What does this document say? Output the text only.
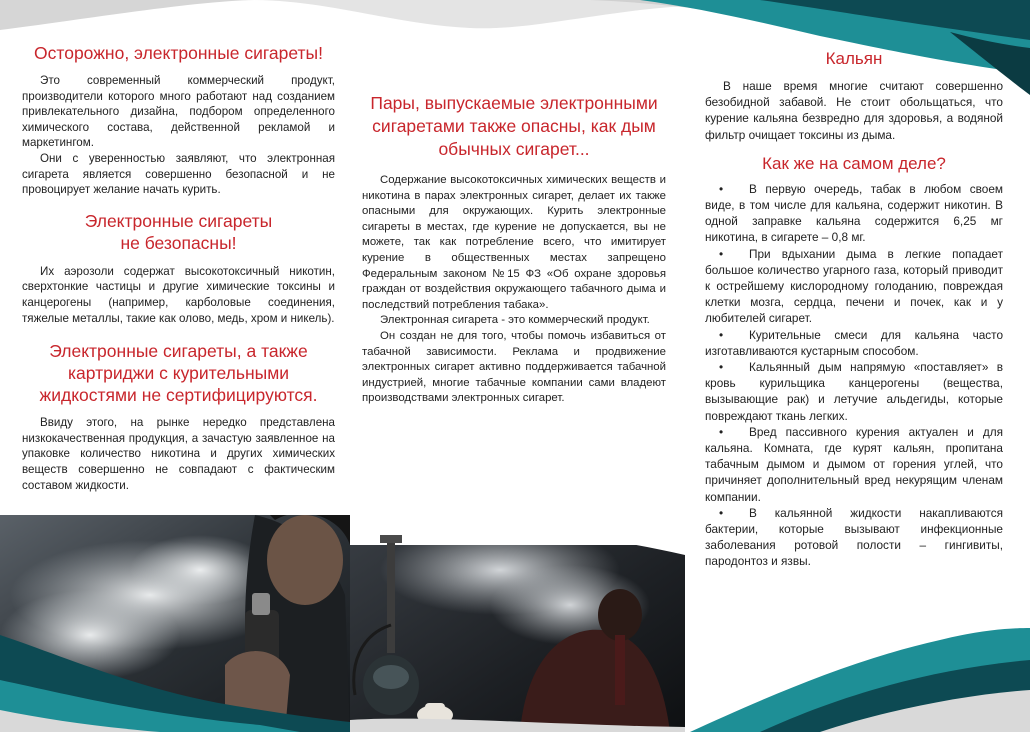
Осторожно, электронные сигареты!

Это современный коммерческий продукт, производители которого много работают над созданием привлекательного дизайна, подбором определенного химического состава, действенной рекламой и маркетингом.

Они с уверенностью заявляют, что электронная сигарета является совершенно безопасной и не провоцирует желание начать курить.

Электронные сигареты
не безопасны!

Их аэрозоли содержат высокотоксичный никотин, сверхтонкие частицы и другие химические токсины и канцерогены (например, карболовые соединения, тяжелые металлы, такие как олово, медь, хром и никель).

Электронные сигареты, а также картриджи с курительными жидкостями не сертифицируются.

Ввиду этого, на рынке нередко представлена низкокачественная продукция, а зачастую заявленное на упаковке количество никотина и других химических веществ совершенно не совпадают с фактическим составом жидкости.

Пары, выпускаемые электронными сигаретами также опасны, как дым обычных сигарет...

Содержание высокотоксичных химических веществ и никотина в парах электронных сигарет, делает их также опасными для окружающих. Курить электронные сигареты в местах, где курение не допускается, вы не можете, так как потребление всего, что имитирует курение в общественных местах запрещено Федеральным законом №15 ФЗ «Об охране здоровья граждан от воздействия окружающего табачного дыма и последствий потребления табака».

Электронная сигарета - это коммерческий продукт.

Он создан не для того, чтобы помочь избавиться от табачной зависимости. Реклама и продвижение электронных сигарет активно поддерживается табачной индустрией, многие табачные компании сами владеют производствами электронных сигарет.

Кальян

В наше время многие считают совершенно безобидной забавой. Не стоит обольщаться, что курение кальяна безвредно для здоровья, а водяной фильтр очищает токсины из дыма.

Как же на самом деле?
• В первую очередь, табак в любом своем виде, в том числе для кальяна, содержит никотин. В одной заправке кальяна содержится 6,25 мг никотина, в сигарете – 0,8 мг.
• При вдыхании дыма в легкие попадает большое количество угарного газа, который приводит к острейшему кислородному голоданию, повреждая клетки мозга, сердца, печени и почек, как и у любителей сигарет.
• Курительные смеси для кальяна часто изготавливаются кустарным способом.
• Кальянный дым напрямую «поставляет» в кровь курильщика канцерогены (вещества, вызывающие рак) и летучие альдегиды, которые повреждают ткань легких.
• Вред пассивного курения актуален и для кальяна. Комната, где курят кальян, пропитана табачным дымом и дымом от горения углей, что причиняет дополнительный вред некурящим членам компании.
• В кальянной жидкости накапливаются бактерии, которые вызывают инфекционные заболевания ротовой полости – гингивиты, пародонтоз и язвы.
